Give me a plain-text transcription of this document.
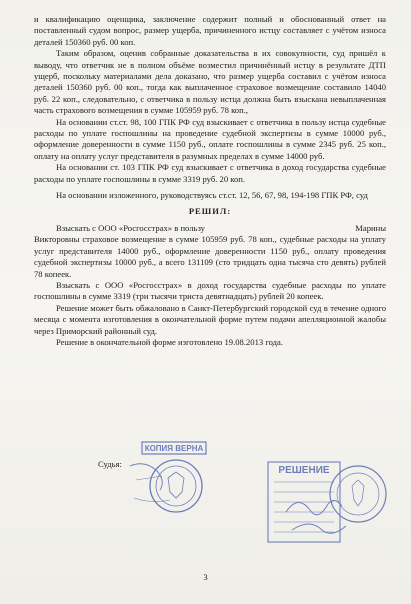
и квалификацию оценщика, заключение содержит полный и обоснованный ответ на поставленный судом вопрос, размер ущерба, причиненного истцу составляет с учётом износа деталей 150360 руб. 00 коп.

Таким образом, оценив собранные доказательства в их совокупности, суд пришёл к выводу, что ответчик не в полном объёме возместил причинённый истцу в результате ДТП ущерб, поскольку материалами дела доказано, что размер ущерба составил с учётом износа деталей 150360 руб. 00 коп., тогда как выплаченное страховое возмещение составило 14040 руб. 22 коп., следовательно, с ответчика в пользу истца должна быть взыскана невыплаченная часть страхового возмещения в сумме 105959 руб. 78 коп.,

На основании ст.ст. 98, 100 ГПК РФ суд взыскивает с ответчика в пользу истца судебные расходы по уплате госпошлины на проведение судебной экспертизы в сумме 10000 руб., оформление доверенности в сумме 1150 руб., оплате госпошлины в сумме 2345 руб. 25 коп., оплату на оплату услуг представителя в разумных пределах в сумме 14000 руб.

На основании ст. 103 ГПК РФ суд взыскивает с ответчика в доход государства судебные расходы по уплате госпошлины в сумме 3319 руб. 20 коп.

На основании изложенного, руководствуясь ст.ст. 12, 56, 67, 98, 194-198 ГПК РФ, суд

РЕШИЛ:

Взыскать с ООО «Росгосстрах» в пользу	Марины

Викторовны страховое возмещение в сумме 105959 руб. 78 коп., судебные расходы на уплату услуг представителя 14000 руб., оформление доверенности 1150 руб., оплату проведения судебной экспертизы 10000 руб., а всего 131109 (сто тридцать одна тысяча сто девять) рублей 78 копеек.

Взыскать с ООО «Росгосстрах» в доход государства судебные расходы по уплате госпошлины в сумме 3319 (три тысячи триста девятнадцать) рублей 20 копеек.

Решение может быть обжаловано в Санкт-Петербургский городской суд в течение одного месяца с момента изготовления в окончательной форме путем подачи апелляционной жалобы через Приморский районный суд.

Решение в окончательной форме изготовлено 19.08.2013 года.

Судья:
КОПИЯ ВЕРНА
РЕШЕНИЕ
3
